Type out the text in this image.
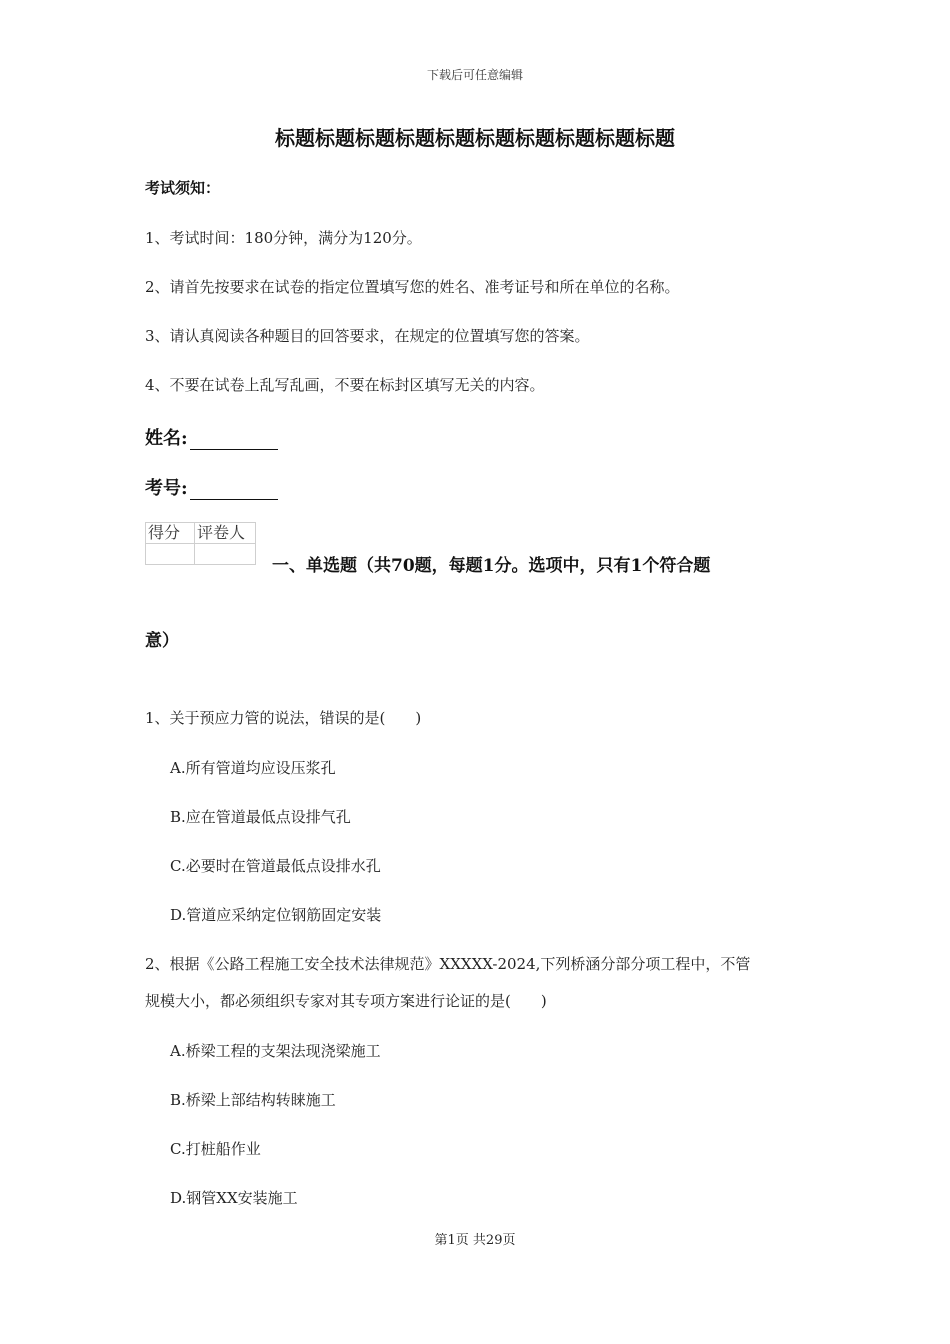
下载后可任意编辑
标题标题标题标题标题标题标题标题标题标题
考试须知：
1、考试时间：180分钟，满分为120分。
2、请首先按要求在试卷的指定位置填写您的姓名、准考证号和所在单位的名称。
3、请认真阅读各种题目的回答要求，在规定的位置填写您的答案。
4、不要在试卷上乱写乱画，不要在标封区填写无关的内容。
姓名:
考号:
得分	评卷人

一、单选题（共70题，每题1分。选项中，只有1个符合题
意）
1、关于预应力管的说法，错误的是(　　)
A.所有管道均应设压浆孔
B.应在管道最低点设排气孔
C.必要时在管道最低点设排水孔
D.管道应采纳定位钢筋固定安装
2、根据《公路工程施工安全技术法律规范》XXXXX-2024,下列桥涵分部分项工程中，不管
规模大小，都必须组织专家对其专项方案进行论证的是(　　)
A.桥梁工程的支架法现浇梁施工
B.桥梁上部结构转睐施工
C.打桩船作业
D.钢管XX安装施工
第1页 共29页
